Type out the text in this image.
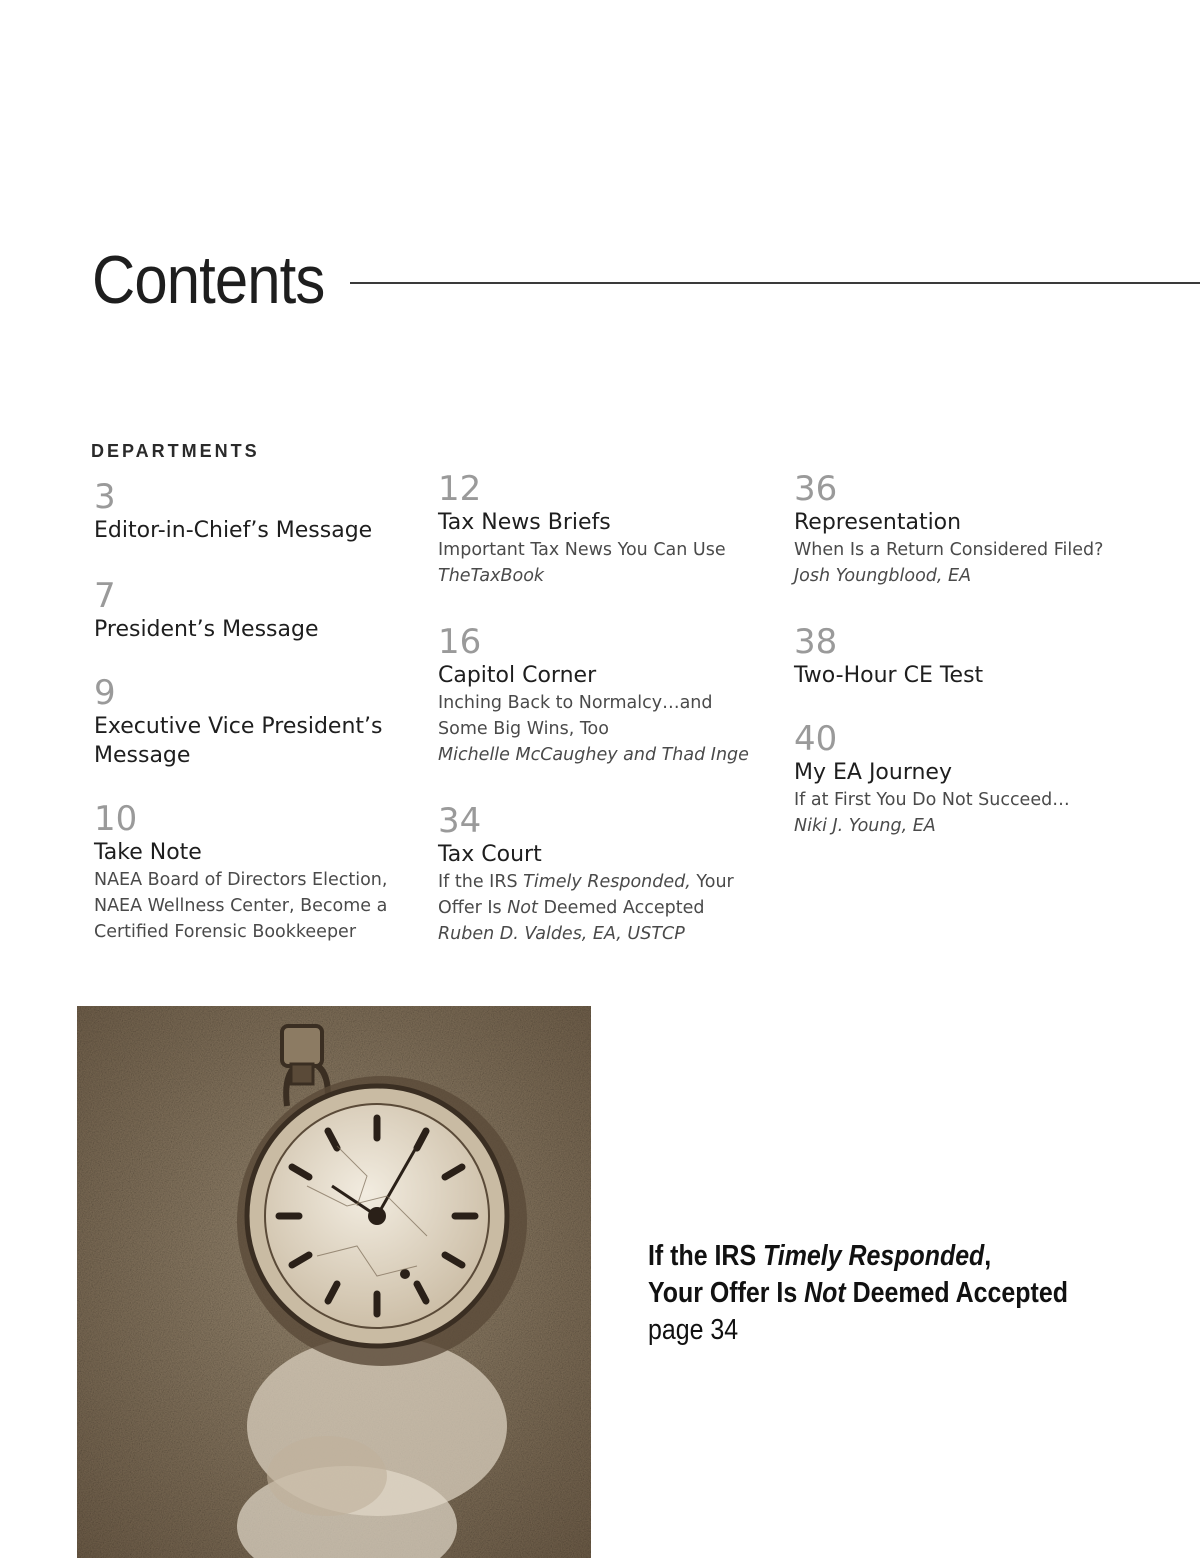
Contents

DEPARTMENTS

3
Editor-in-Chief’s Message
7
President’s Message
9
Executive Vice President’s Message
10
Take Note
NAEA Board of Directors Election, NAEA Wellness Center, Become a Certified Forensic Bookkeeper
12
Tax News Briefs
Important Tax News You Can Use
TheTaxBook
16
Capitol Corner
Inching Back to Normalcy…and Some Big Wins, Too
Michelle McCaughey and Thad Inge
34
Tax Court
If the IRS Timely Responded, Your Offer Is Not Deemed Accepted
Ruben D. Valdes, EA, USTCP
36
Representation
When Is a Return Considered Filed?
Josh Youngblood, EA
38
Two-Hour CE Test
40
My EA Journey
If at First You Do Not Succeed…
Niki J. Young, EA
If the IRS Timely Responded,
Your Offer Is Not Deemed Accepted
page 34
